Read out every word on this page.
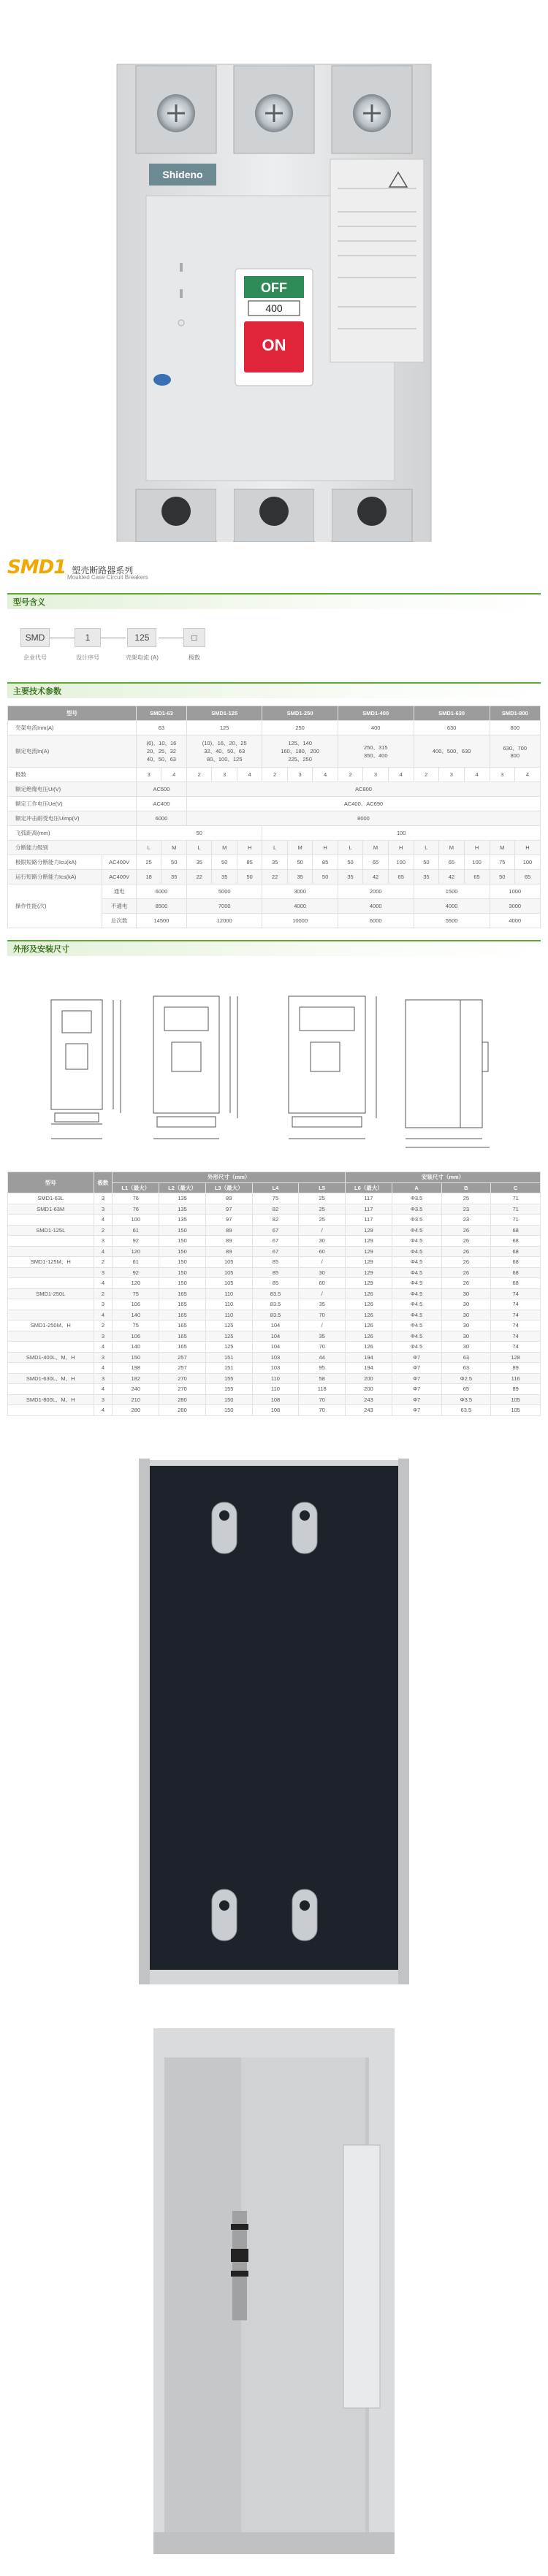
Shideno
OFF
400
ON
SMD1 塑壳断路器系列
Moulded Case Circuit Breakers
型号含义
SMD
企业代号
1
设计序号
125
壳架电流 (A)
□
极数
主要技术参数
型号		SMD1-63		SMD1-125			SMD1-250			SMD1-400			SMD1-630			SMD1-800	
壳架电流Inm(A)		63		125			250			400			630			800	
额定电流In(A)		(6)、10、16
20、25、32
40、50、63		(10)、16、20、25
32、40、50、63
80、100、125			125、140
160、180、200
225、250			250、315
350、400			400、500、630			630、700
800	
极数		3	4	2	3	4	2	3	4	2	3	4	2	3	4	3	4
额定绝缘电压Ui(V)		AC500		AC800													
额定工作电压Ue(V)		AC400		AC400、AC690													
额定冲击耐受电压Uimp(V)		6000		8000													
飞弧距离(mm)		50					100										
分断能力级别		L	M	L	M	H	L	M	H	L	M	H	L	M	H	M	H
极限短路分断能力Icu(kA)	AC400V	25	50	35	50	85	35	50	85	50	65	100	50	65	100	75	100
运行短路分断能力Ics(kA)	AC400V	18	35	22	35	50	22	35	50	35	42	65	35	42	65	50	65
操作性能(次)	通电	6000		5000			3000			2000			1500			1000	
	不通电	8500		7000			4000			4000			4000			3000	
	总次数	14500		12000			10000			6000			5500			4000	
外形及安装尺寸
型号	极数	外形尺寸（mm）					安装尺寸（mm）			
		L1（最大）	L2（最大）	L3（最大）	L4	L5	L6（最大）	A	B	C
SMD1-63L	3	76	135	89	75	25	117	Φ3.5	25	71
SMD1-63M	3	76	135	97	82	25	117	Φ3.5	23	71
	4	100	135	97	82	25	117	Φ3.5	23	71
SMD1-125L	2	61	150	89	67	/	129	Φ4.5	26	68
	3	92	150	89	67	30	129	Φ4.5	26	68
	4	120	150	89	67	60	129	Φ4.5	26	68
SMD1-125M、H	2	61	150	105	85	/	129	Φ4.5	26	68
	3	92	150	105	85	30	129	Φ4.5	26	68
	4	120	150	105	85	60	129	Φ4.5	26	68
SMD1-250L	2	75	165	110	83.5	/	126	Φ4.5	30	74
	3	106	165	110	83.5	35	126	Φ4.5	30	74
	4	140	165	110	83.5	70	126	Φ4.5	30	74
SMD1-250M、H	2	75	165	125	104	/	126	Φ4.5	30	74
	3	106	165	125	104	35	126	Φ4.5	30	74
	4	140	165	125	104	70	126	Φ4.5	30	74
SMD1-400L、M、H	3	150	257	151	103	44	194	Φ7	63	128
	4	198	257	151	103	95	194	Φ7	63	89
SMD1-630L、M、H	3	182	270	155	110	58	200	Φ7	Φ2.5	116
	4	240	270	155	110	118	200	Φ7	65	89
SMD1-800L、M、H	3	210	280	150	108	70	243	Φ7	Φ3.5	105
	4	280	280	150	108	70	243	Φ7	63.5	105
